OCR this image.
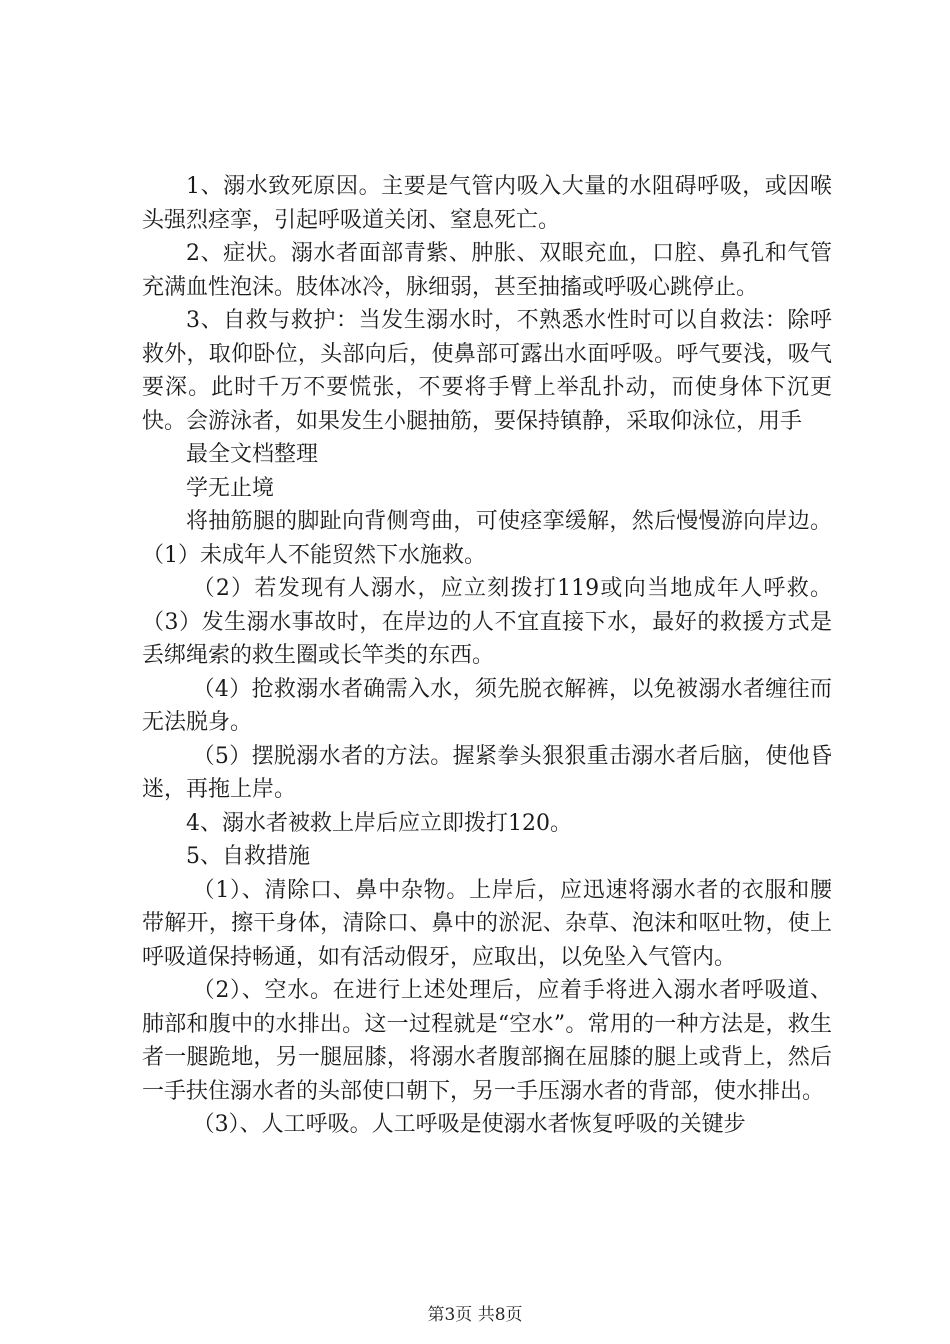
1、溺水致死原因。主要是气管内吸入大量的水阻碍呼吸，或因喉头强烈痉挛，引起呼吸道关闭、窒息死亡。

2、症状。溺水者面部青紫、肿胀、双眼充血，口腔、鼻孔和气管充满血性泡沫。肢体冰冷，脉细弱，甚至抽搐或呼吸心跳停止。

3、自救与救护：当发生溺水时，不熟悉水性时可以自救法：除呼救外，取仰卧位，头部向后，使鼻部可露出水面呼吸。呼气要浅，吸气要深。此时千万不要慌张，不要将手臂上举乱扑动，而使身体下沉更快。会游泳者，如果发生小腿抽筋，要保持镇静，采取仰泳位，用手

最全文档整理

学无止境

将抽筋腿的脚趾向背侧弯曲，可使痉挛缓解，然后慢慢游向岸边。（1）未成年人不能贸然下水施救。

（2）若发现有人溺水，应立刻拨打119或向当地成年人呼救。（3）发生溺水事故时，在岸边的人不宜直接下水，最好的救援方式是丢绑绳索的救生圈或长竿类的东西。

（4）抢救溺水者确需入水，须先脱衣解裤，以免被溺水者缠往而无法脱身。

（5）摆脱溺水者的方法。握紧拳头狠狠重击溺水者后脑，使他昏迷，再拖上岸。

4、溺水者被救上岸后应立即拨打120。

5、自救措施

（1）、清除口、鼻中杂物。上岸后，应迅速将溺水者的衣服和腰带解开，擦干身体，清除口、鼻中的淤泥、杂草、泡沫和呕吐物，使上呼吸道保持畅通，如有活动假牙，应取出，以免坠入气管内。

（2）、空水。在进行上述处理后，应着手将进入溺水者呼吸道、肺部和腹中的水排出。这一过程就是“空水”。常用的一种方法是，救生者一腿跪地，另一腿屈膝，将溺水者腹部搁在屈膝的腿上或背上，然后一手扶住溺水者的头部使口朝下，另一手压溺水者的背部，使水排出。

（3）、人工呼吸。人工呼吸是使溺水者恢复呼吸的关键步

第3页 共8页
